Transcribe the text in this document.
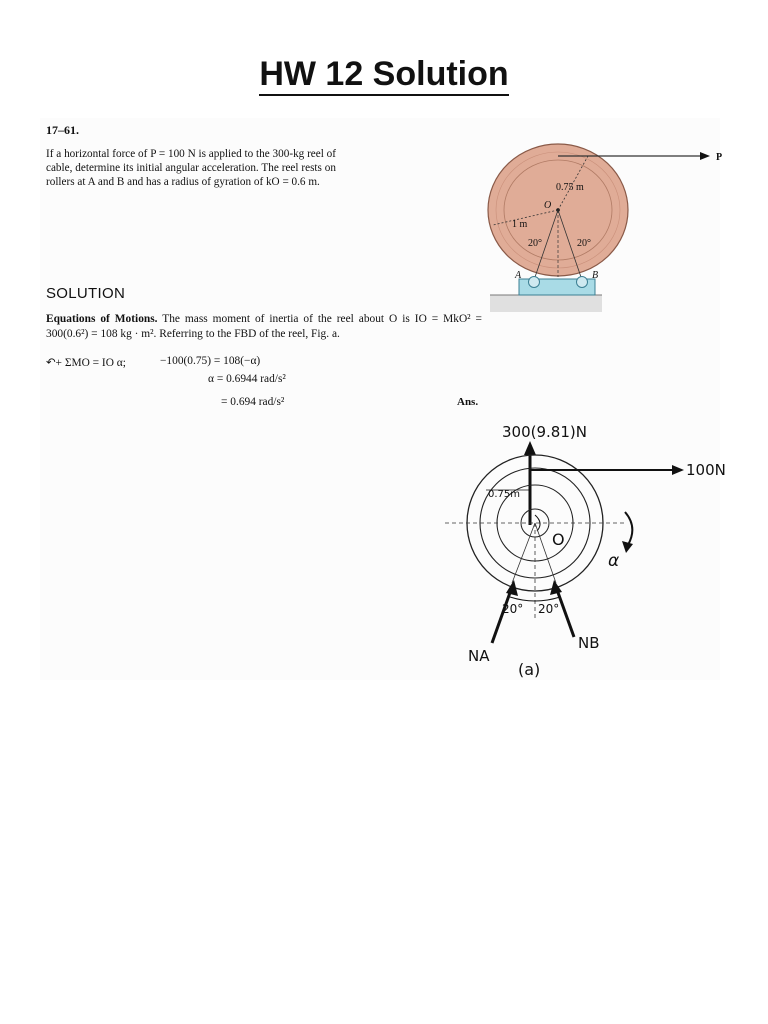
HW 12 Solution
17–61.
If a horizontal force of P = 100 N is applied to the 300-kg reel of cable, determine its initial angular acceleration. The reel rests on rollers at A and B and has a radius of gyration of kO = 0.6 m.
P
0.75 m
O
1 m
20°	20°
A	B
SOLUTION
Equations of Motions. The mass moment of inertia of the reel about O is IO = MkO² = 300(0.6²) = 108 kg · m². Referring to the FBD of the reel, Fig. a.
↶+ ΣMO = IO α;	−100(0.75) = 108(−α)
α = 0.6944 rad/s²
= 0.694 rad/s²	Ans.
300(9.81)N
100N
0.75m
O
α
20° 20°
NA
NB
(a)
